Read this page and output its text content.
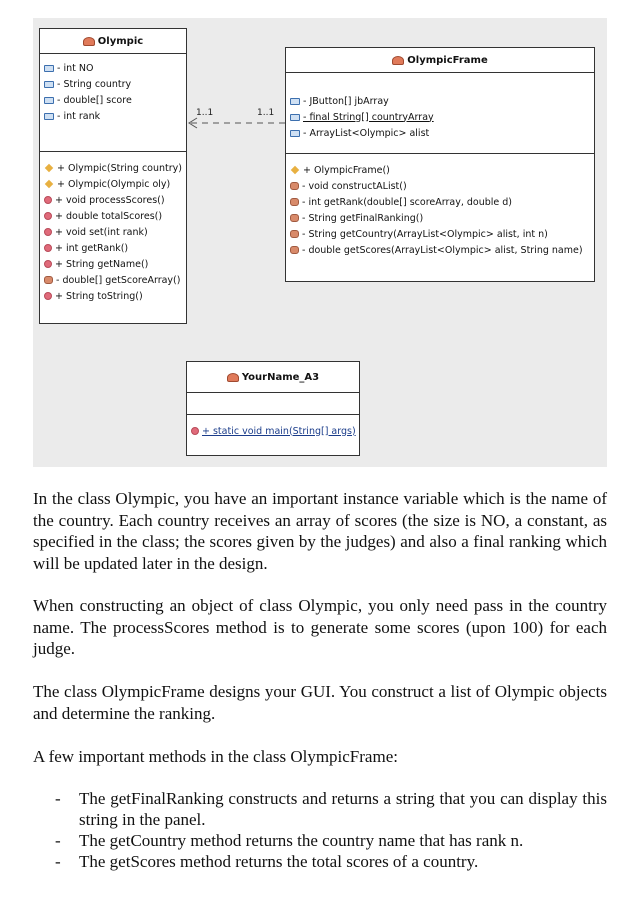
Olympic
- int NO
- String country
- double[] score
- int rank
+ Olympic(String country)
+ Olympic(Olympic oly)
+ void processScores()
+ double totalScores()
+ void set(int rank)
+ int getRank()
+ String getName()
- double[] getScoreArray()
+ String toString()
OlympicFrame
- JButton[] jbArray
- final String[] countryArray
- ArrayList<Olympic> alist
+ OlympicFrame()
- void constructAList()
- int getRank(double[] scoreArray, double d)
- String getFinalRanking()
- String getCountry(ArrayList<Olympic> alist, int n)
- double getScores(ArrayList<Olympic> alist, String name)
1..1	1..1
YourName_A3
+ static void main(String[] args)

In the class Olympic, you have an important instance variable which is the name of the country. Each country receives an array of scores (the size is NO, a constant, as specified in the class; the scores given by the judges) and also a final ranking which will be updated later in the design.

When constructing an object of class Olympic, you only need pass in the country name. The processScores method is to generate some scores (upon 100) for each judge.

The class OlympicFrame designs your GUI. You construct a list of Olympic objects and determine the ranking.

A few important methods in the class OlympicFrame:

- The getFinalRanking constructs and returns a string that you can display this string in the panel.
- The getCountry method returns the country name that has rank n.
- The getScores method returns the total scores of a country.
